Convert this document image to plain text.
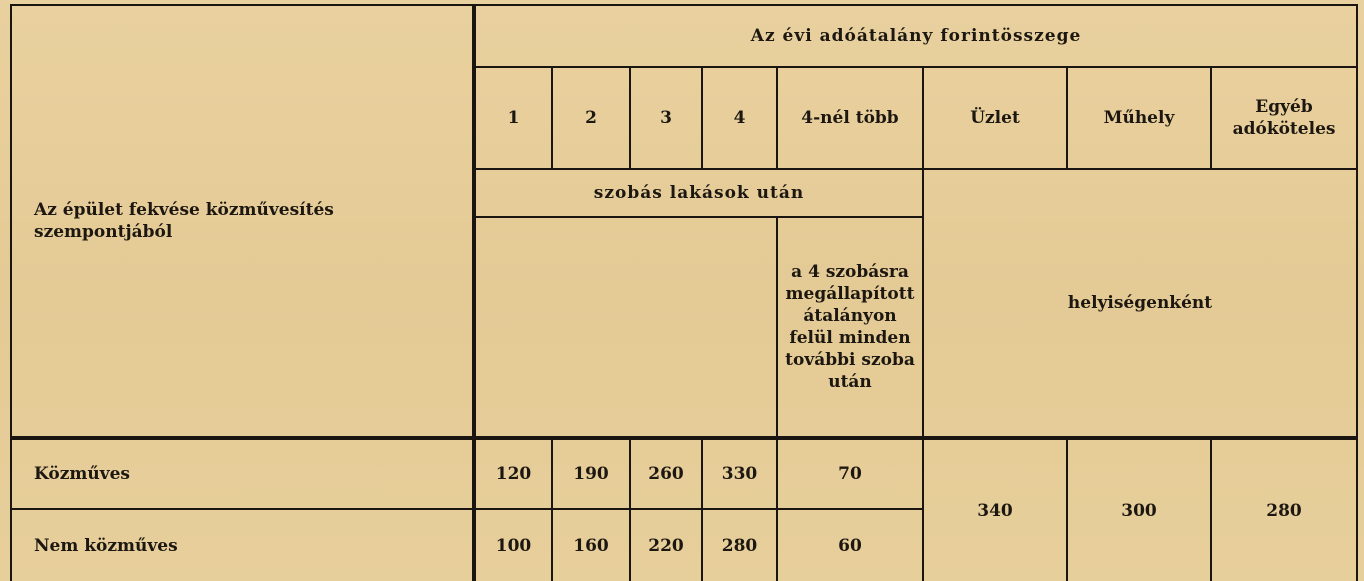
Az épület fekvése közművesítés szempontjából	Az évi adóátalány forintösszege							
	1	2	3	4	4-nél több	Üzlet	Műhely	Egyéb adóköteles
	szobás lakások után					helyiségenként		
					a 4 szobásra megállapított átalányon felül minden további szoba után			
Közműves	120	190	260	330	70	340	300	280
Nem közműves	100	160	220	280	60			
